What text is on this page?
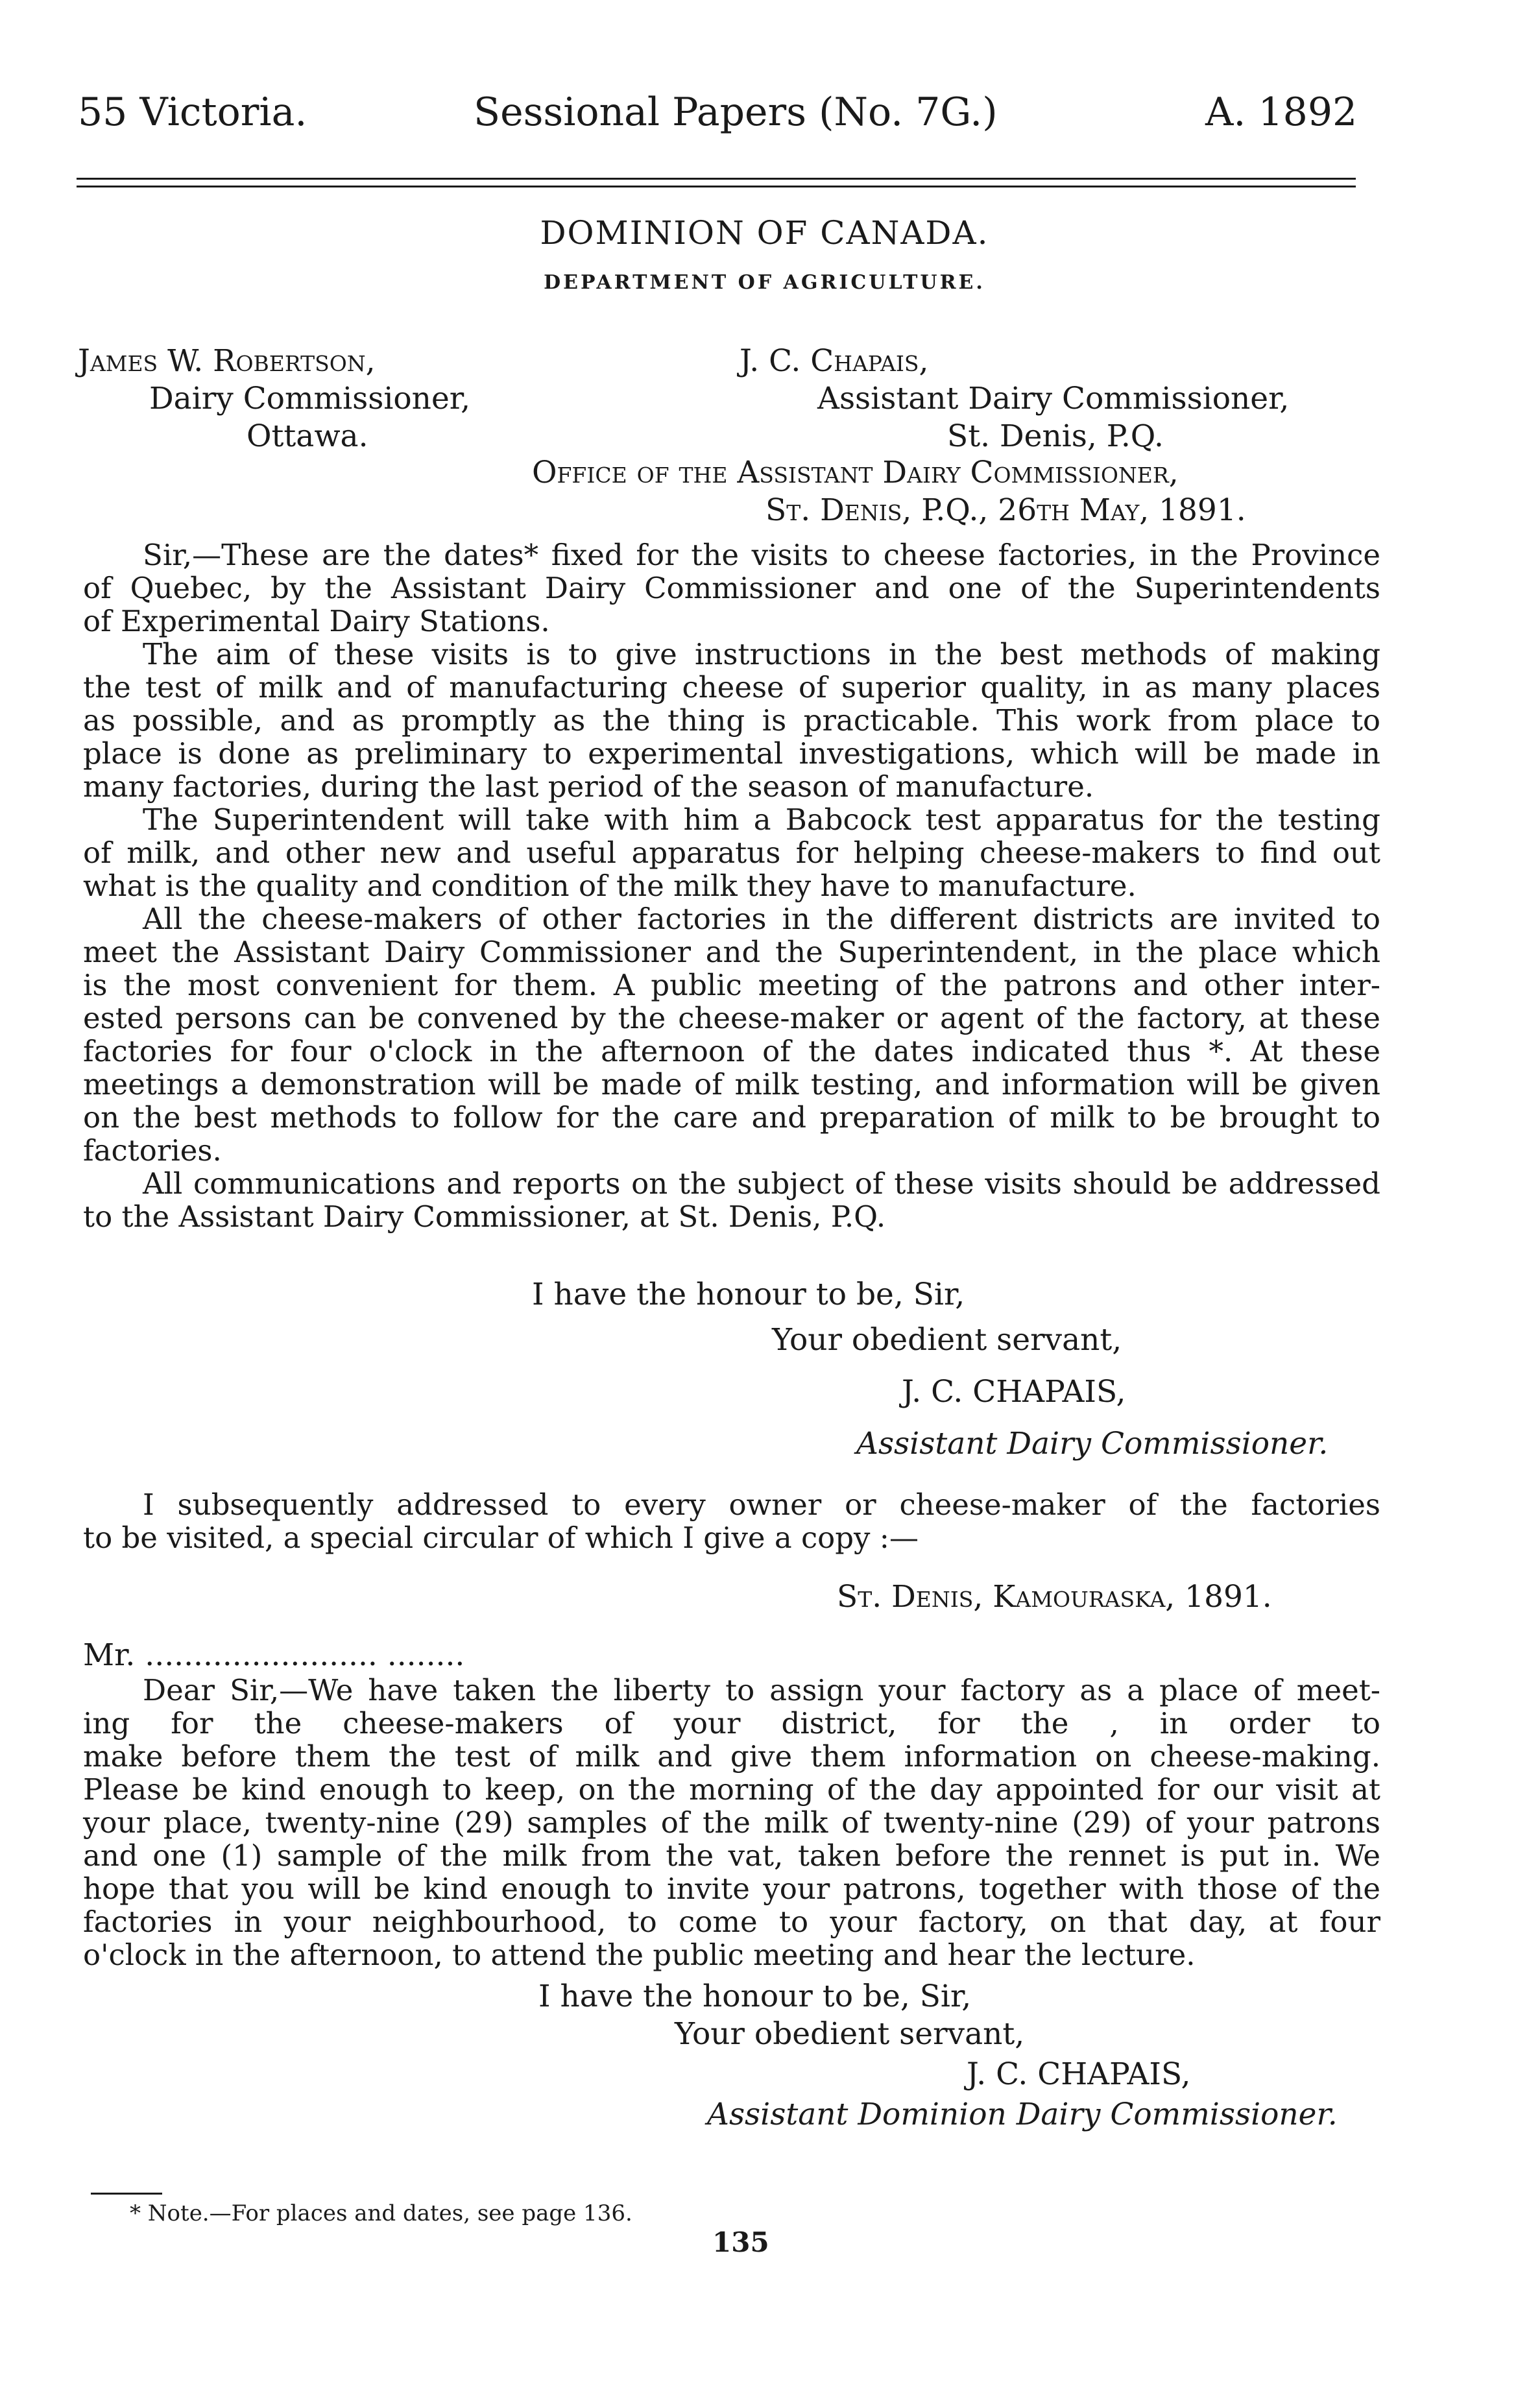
55 Victoria.	Sessional Papers (No. 7G.)	A. 1892
DOMINION OF CANADA.
DEPARTMENT OF AGRICULTURE.
James W. Robertson,
Dairy Commissioner,
Ottawa.
J. C. Chapais,
Assistant Dairy Commissioner,
St. Denis, P.Q.
Office of the Assistant Dairy Commissioner,
St. Denis, P.Q., 26th May, 1891.
Sir,—These are the dates* fixed for the visits to cheese factories, in the Province
of Quebec, by the Assistant Dairy Commissioner and one of the Superintendents
of Experimental Dairy Stations.
The aim of these visits is to give instructions in the best methods of making
the test of milk and of manufacturing cheese of superior quality, in as many places
as possible, and as promptly as the thing is practicable. This work from place to
place is done as preliminary to experimental investigations, which will be made in
many factories, during the last period of the season of manufacture.
The Superintendent will take with him a Babcock test apparatus for the testing
of milk, and other new and useful apparatus for helping cheese-makers to find out
what is the quality and condition of the milk they have to manufacture.
All the cheese-makers of other factories in the different districts are invited to
meet the Assistant Dairy Commissioner and the Superintendent, in the place which
is the most convenient for them. A public meeting of the patrons and other inter-
ested persons can be convened by the cheese-maker or agent of the factory, at these
factories for four o'clock in the afternoon of the dates indicated thus *. At these
meetings a demonstration will be made of milk testing, and information will be given
on the best methods to follow for the care and preparation of milk to be brought to
factories.
All communications and reports on the subject of these visits should be addressed
to the Assistant Dairy Commissioner, at St. Denis, P.Q.
I have the honour to be, Sir,
Your obedient servant,
J. C. CHAPAIS,
Assistant Dairy Commissioner.
I subsequently addressed to every owner or cheese-maker of the factories
to be visited, a special circular of which I give a copy :—
St. Denis, Kamouraska, 1891.
Mr. ........................ ........
Dear Sir,—We have taken the liberty to assign your factory as a place of meet-
ing for the cheese-makers of your district, for the , in order to
make before them the test of milk and give them information on cheese-making.
Please be kind enough to keep, on the morning of the day appointed for our visit at
your place, twenty-nine (29) samples of the milk of twenty-nine (29) of your patrons
and one (1) sample of the milk from the vat, taken before the rennet is put in. We
hope that you will be kind enough to invite your patrons, together with those of the
factories in your neighbourhood, to come to your factory, on that day, at four
o'clock in the afternoon, to attend the public meeting and hear the lecture.
I have the honour to be, Sir,
Your obedient servant,
J. C. CHAPAIS,
Assistant Dominion Dairy Commissioner.
* Note.—For places and dates, see page 136.
135
